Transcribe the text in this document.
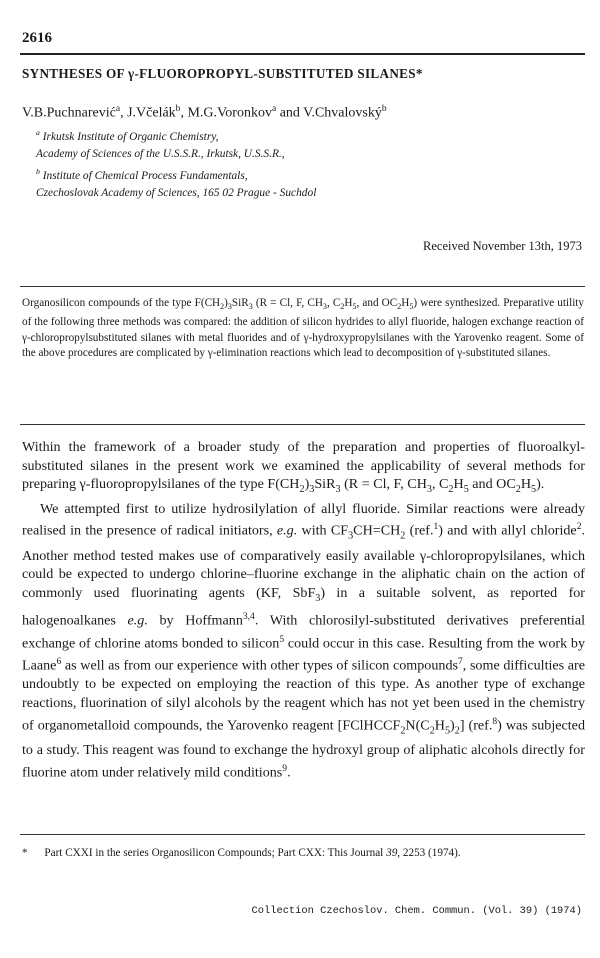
2616
SYNTHESES OF γ-FLUOROPROPYL-SUBSTITUTED SILANES*
V.B.Puchnarević$^a$, J.Včelák$^b$, M.G.Voronkov$^a$ and V.Chvalovský$^b$
$^a$ Irkutsk Institute of Organic Chemistry,
Academy of Sciences of the U.S.S.R., Irkutsk, U.S.S.R.,
$^b$ Institute of Chemical Process Fundamentals,
Czechoslovak Academy of Sciences, 165 02 Prague - Suchdol
Received November 13th, 1973
Organosilicon compounds of the type $F(CH_2)_3SiR_3$ (R = Cl, F, $CH_3$, $C_2H_5$, and $OC_2H_5$) were synthesized. Preparative utility of the following three methods was compared: the addition of silicon hydrides to allyl fluoride, halogen exchange reaction of γ-chloropropylsubstituted silanes with metal fluorides and of γ-hydroxypropylsilanes with the Yarovenko reagent. Some of the above procedures are complicated by γ-elimination reactions which lead to decomposition of γ-substituted silanes.

Within the framework of a broader study of the preparation and properties of fluoroalkyl-substituted silanes in the present work we examined the applicability of several methods for preparing γ-fluoropropylsilanes of the type $F(CH_2)_3SiR_3$ (R = Cl, F, $CH_3$, $C_2H_5$ and $OC_2H_5$).

We attempted first to utilize hydrosilylation of allyl fluoride. Similar reactions were already realised in the presence of radical initiators, e.g. with $CF_3CH=CH_2$ (ref.$^1$) and with allyl chloride$^2$. Another method tested makes use of comparatively easily available γ-chloropropylsilanes, which could be expected to undergo chlorine–fluorine exchange in the aliphatic chain on the action of commonly used fluorinating agents (KF, SbF$_3$) in a suitable solvent, as reported for halogenoalkanes e.g. by Hoffmann$^{3,4}$. With chlorosilyl-substituted derivatives preferential exchange of chlorine atoms bonded to silicon$^5$ could occur in this case. Resulting from the work by Laane$^6$ as well as from our experience with other types of silicon compounds$^7$, some difficulties are undoubtly to be expected on employing the reaction of this type. As another type of exchange reactions, fluorination of silyl alcohols by the reagent which has not yet been used in the chemistry of organometalloid compounds, the Yarovenko reagent $[FClHCCF_2N(C_2H_5)_2]$ (ref.$^8$) was subjected to a study. This reagent was found to exchange the hydroxyl group of aliphatic alcohols directly for fluorine atom under relatively mild conditions$^9$.

*      Part CXXI in the series Organosilicon Compounds; Part CXX: This Journal 39, 2253 (1974).
Collection Czechoslov. Chem. Commun. (Vol. 39) (1974)
